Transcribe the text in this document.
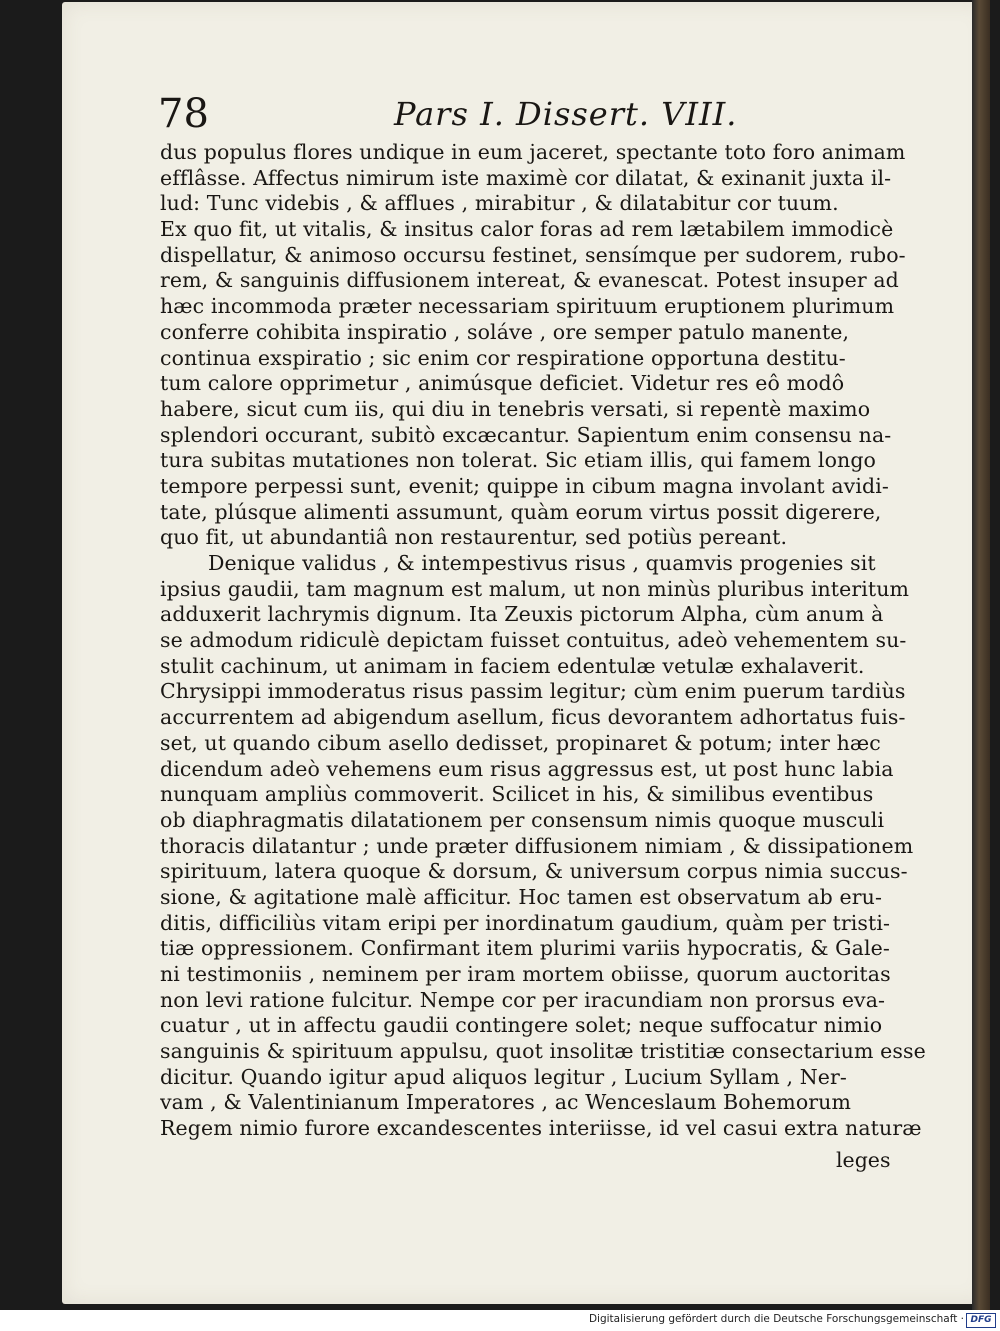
78	Pars I. Dissert. VIII.
dus populus flores undique in eum jaceret, spectante toto foro animam
efflâsse. Affectus nimirum iste maximè cor dilatat, & exinanit juxta il-
lud: Tunc videbis , & afflues , mirabitur , & dilatabitur cor tuum.
Ex quo fit, ut vitalis, & insitus calor foras ad rem lætabilem immodicè
dispellatur, & animoso occursu festinet, sensímque per sudorem, rubo-
rem, & sanguinis diffusionem intereat, & evanescat. Potest insuper ad
hæc incommoda præter necessariam spirituum eruptionem plurimum
conferre cohibita inspiratio , soláve , ore semper patulo manente,
continua exspiratio ; sic enim cor respiratione opportuna destitu-
tum calore opprimetur , animúsque deficiet. Videtur res eô modô
habere, sicut cum iis, qui diu in tenebris versati, si repentè maximo
splendori occurant, subitò excæcantur. Sapientum enim consensu na-
tura subitas mutationes non tolerat. Sic etiam illis, qui famem longo
tempore perpessi sunt, evenit; quippe in cibum magna involant avidi-
tate, plúsque alimenti assumunt, quàm eorum virtus possit digerere,
quo fit, ut abundantiâ non restaurentur, sed potiùs pereant.
Denique validus , & intempestivus risus , quamvis progenies sit
ipsius gaudii, tam magnum est malum, ut non minùs pluribus interitum
adduxerit lachrymis dignum. Ita Zeuxis pictorum Alpha, cùm anum à
se admodum ridiculè depictam fuisset contuitus, adeò vehementem su-
stulit cachinum, ut animam in faciem edentulæ vetulæ exhalaverit.
Chrysippi immoderatus risus passim legitur; cùm enim puerum tardiùs
accurrentem ad abigendum asellum, ficus devorantem adhortatus fuis-
set, ut quando cibum asello dedisset, propinaret & potum; inter hæc
dicendum adeò vehemens eum risus aggressus est, ut post hunc labia
nunquam ampliùs commoverit. Scilicet in his, & similibus eventibus
ob diaphragmatis dilatationem per consensum nimis quoque musculi
thoracis dilatantur ; unde præter diffusionem nimiam , & dissipationem
spirituum, latera quoque & dorsum, & universum corpus nimia succus-
sione, & agitatione malè afficitur. Hoc tamen est observatum ab eru-
ditis, difficiliùs vitam eripi per inordinatum gaudium, quàm per tristi-
tiæ oppressionem. Confirmant item plurimi variis hypocratis, & Gale-
ni testimoniis , neminem per iram mortem obiisse, quorum auctoritas
non levi ratione fulcitur. Nempe cor per iracundiam non prorsus eva-
cuatur , ut in affectu gaudii contingere solet; neque suffocatur nimio
sanguinis & spirituum appulsu, quot insolitæ tristitiæ consectarium esse
dicitur. Quando igitur apud aliquos legitur , Lucium Syllam , Ner-
vam , & Valentinianum Imperatores , ac Wenceslaum Bohemorum
Regem nimio furore excandescentes interiisse, id vel casui extra naturæ
leges
Digitalisierung gefördert durch die Deutsche Forschungsgemeinschaft · DFG
